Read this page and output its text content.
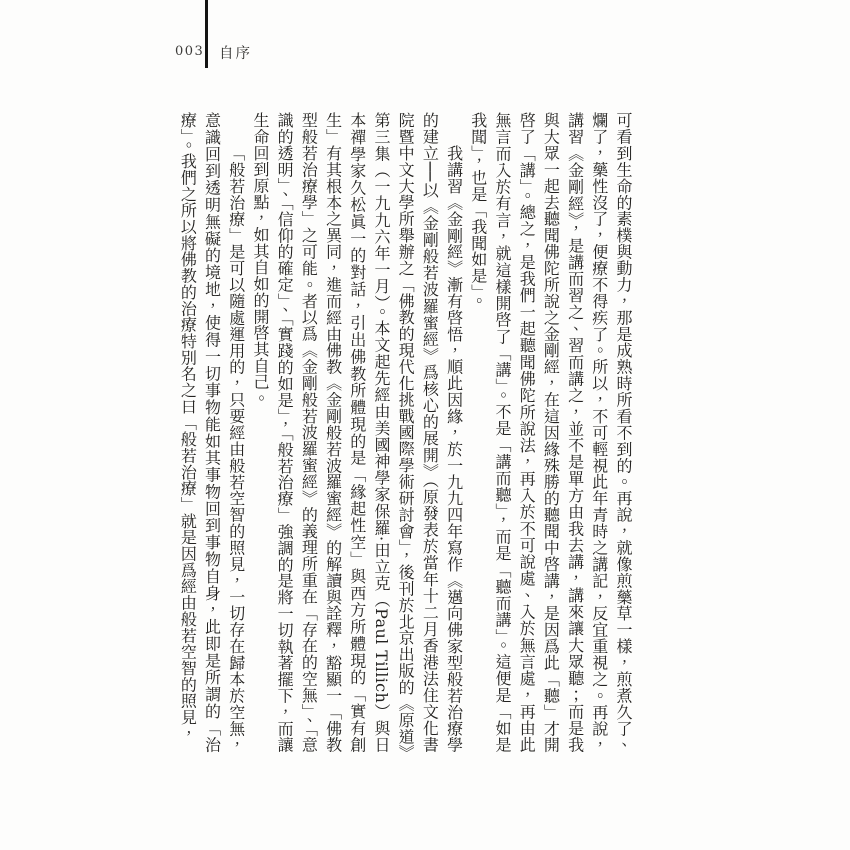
003 自序

可看到生命的素樸與動力，那是成熟時所看不到的。再說，就像煎藥草一樣，煎煮久了、爛了，藥性沒了，便療不得疾了。所以，不可輕視此年青時之講記，反宜重視之。再說，講習《金剛經》，是講而習之、習而講之，並不是單方由我去講，講來讓大眾聽；而是我與大眾一起去聽聞佛陀所說之金剛經，在這因緣殊勝的聽聞中啓講，是因爲此「聽」才開啓了「講」。總之，是我們一起聽聞佛陀所說法，再入於不可說處、入於無言處，再由此無言而入於有言，就這樣開啓了「講」。不是「講而聽」，而是「聽而講」。這便是「如是我聞」，也是「我聞如是」。

我講習《金剛經》漸有啓悟，順此因緣，於一九九四年寫作《邁向佛家型般若治療學的建立──以《金剛般若波羅蜜經》爲核心的展開》（原發表於當年十二月香港法住文化書院暨中文大學所舉辦之「佛教的現代化挑戰國際學術研討會」，後刊於北京出版的《原道》第三集（一九九六年一月）。本文起先經由美國神學家保羅·田立克（Paul Tillich）與日本禪學家久松眞一的對話，引出佛教所體現的是「緣起性空」與西方所體現的「實有創生」有其根本之異同，進而經由佛教《金剛般若波羅蜜經》的解讀與詮釋，豁顯一「佛教型般若治療學」之可能。者以爲《金剛般若波羅蜜經》的義理所重在「存在的空無」、「意識的透明」、「信仰的確定」、「實踐的如是」，「般若治療」強調的是將一切執著擺下，而讓生命回到原點，如其自如的開啓其自己。

「般若治療」是可以隨處運用的，只要經由般若空智的照見，一切存在歸本於空無，意識回到透明無礙的境地，使得一切事物能如其事物回到事物自身，此即是所謂的「治療」。我們之所以將佛教的治療特別名之曰「般若治療」就是因爲經由般若空智的照見，
